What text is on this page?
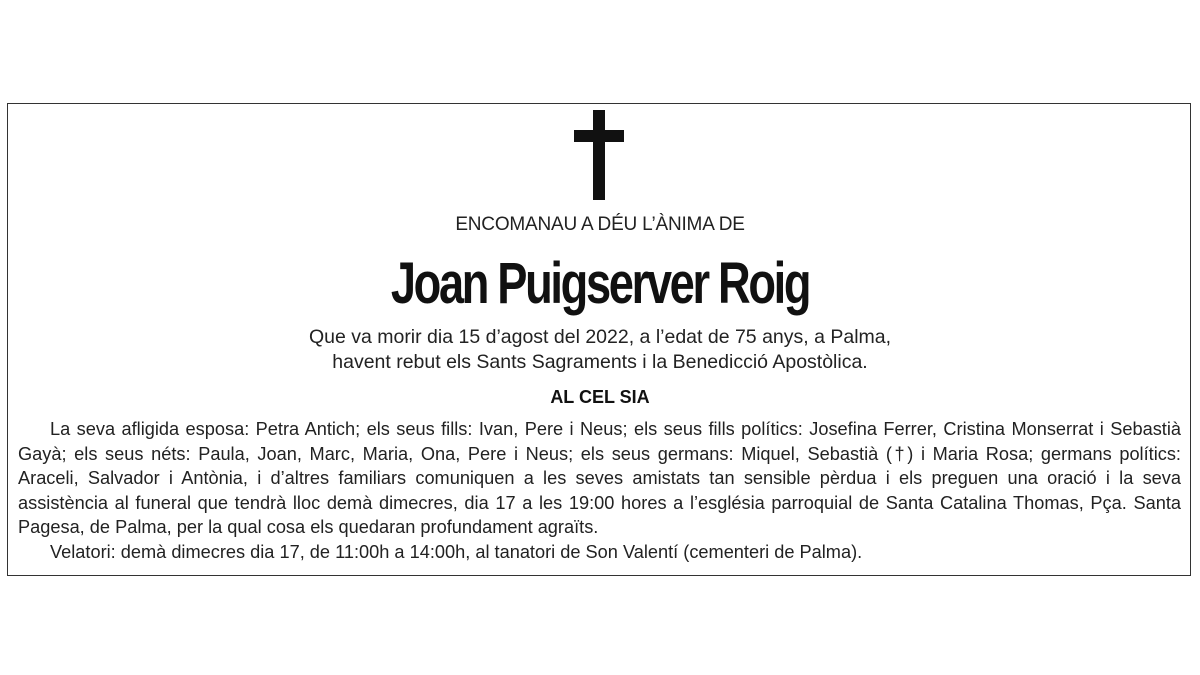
ENCOMANAU A DÉU L’ÀNIMA DE
Joan Puigserver Roig
Que va morir dia 15 d’agost del 2022, a l’edat de 75 anys, a Palma,
havent rebut els Sants Sagraments i la Benedicció Apostòlica.
AL CEL SIA

La seva afligida esposa: Petra Antich; els seus fills: Ivan, Pere i Neus; els seus fills polítics: Josefina Ferrer, Cristina Monserrat i Sebastià Gayà; els seus néts: Paula, Joan, Marc, Maria, Ona, Pere i Neus; els seus germans: Miquel, Sebastià (†) i Maria Rosa; germans polítics: Araceli, Salvador i Antònia, i d’altres familiars comuniquen a les seves amistats tan sensible pèrdua i els preguen una oració i la seva assistència al funeral que tendrà lloc demà dimecres, dia 17 a les 19:00 hores a l’església parroquial de Santa Catalina Thomas, Pça. Santa Pagesa, de Palma, per la qual cosa els quedaran profundament agraïts.

Velatori: demà dimecres dia 17, de 11:00h a 14:00h, al tanatori de Son Valentí (cementeri de Palma).
